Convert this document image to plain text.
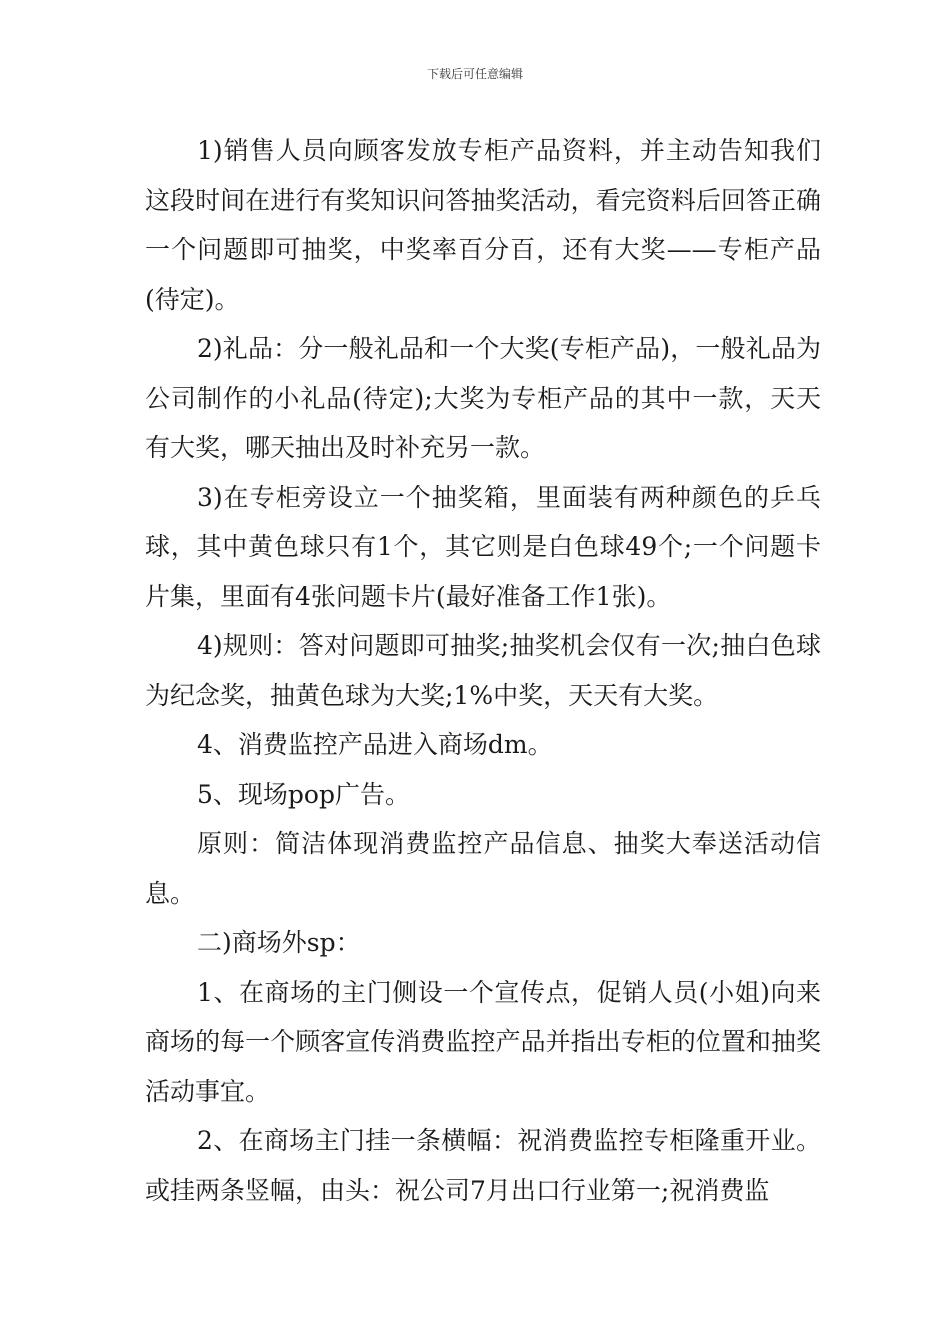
下载后可任意编辑

1)销售人员向顾客发放专柜产品资料，并主动告知我们这段时间在进行有奖知识问答抽奖活动，看完资料后回答正确一个问题即可抽奖，中奖率百分百，还有大奖——专柜产品(待定)。

2)礼品：分一般礼品和一个大奖(专柜产品)，一般礼品为公司制作的小礼品(待定);大奖为专柜产品的其中一款，天天有大奖，哪天抽出及时补充另一款。

3)在专柜旁设立一个抽奖箱，里面装有两种颜色的乒乓球，其中黄色球只有1个，其它则是白色球49个;一个问题卡片集，里面有4张问题卡片(最好准备工作1张)。

4)规则：答对问题即可抽奖;抽奖机会仅有一次;抽白色球为纪念奖，抽黄色球为大奖;1%中奖，天天有大奖。

4、消费监控产品进入商场dm。

5、现场pop广告。

原则：简洁体现消费监控产品信息、抽奖大奉送活动信息。

二)商场外sp：

1、在商场的主门侧设一个宣传点，促销人员(小姐)向来商场的每一个顾客宣传消费监控产品并指出专柜的位置和抽奖活动事宜。

2、在商场主门挂一条横幅：祝消费监控专柜隆重开业。或挂两条竖幅，由头：祝公司7月出口行业第一;祝消费监
